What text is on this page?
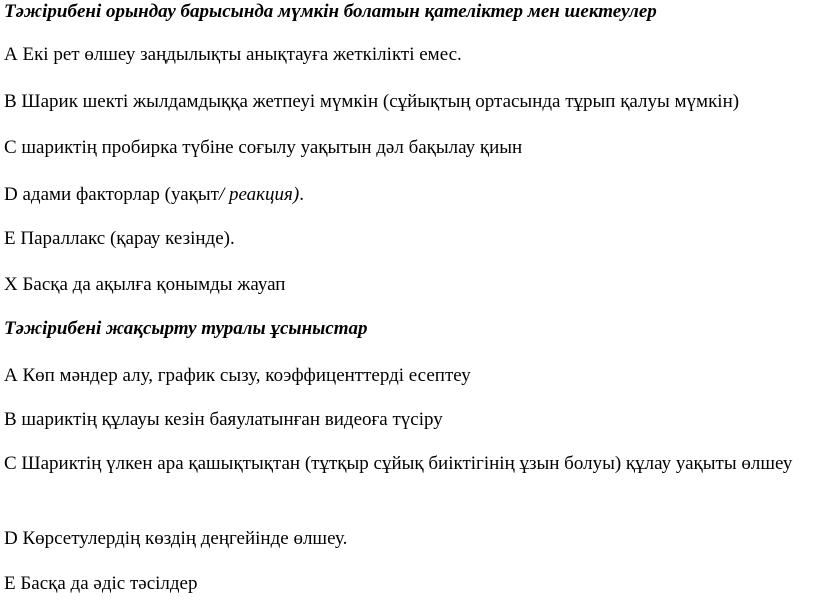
Тәжірибені орындау барысында мүмкін болатын қателіктер мен шектеулер
А Екі рет өлшеу заңдылықты анықтауға жеткілікті емес.
В Шарик шекті жылдамдыққа жетпеуі мүмкін (сұйықтың ортасында тұрып қалуы мүмкін)
С шариктің пробирка түбіне соғылу уақытын дәл бақылау қиын
D адами факторлар (уақыт/ реакция).
Е Параллакс (қарау кезінде).
Х Басқа да ақылға қонымды жауап
Тәжірибені жақсырту туралы ұсыныстар
А Көп мәндер алу, график сызу, коэффиценттерді есептеу
В шариктің құлауы кезін баяулатынған видеоға түсіру
С Шариктің үлкен ара қашықтықтан (тұтқыр сұйық биіктігінің ұзын болуы) құлау уақыты өлшеу
D Көрсетулердің көздің деңгейінде өлшеу.
Е Басқа да әдіс тәсілдер
